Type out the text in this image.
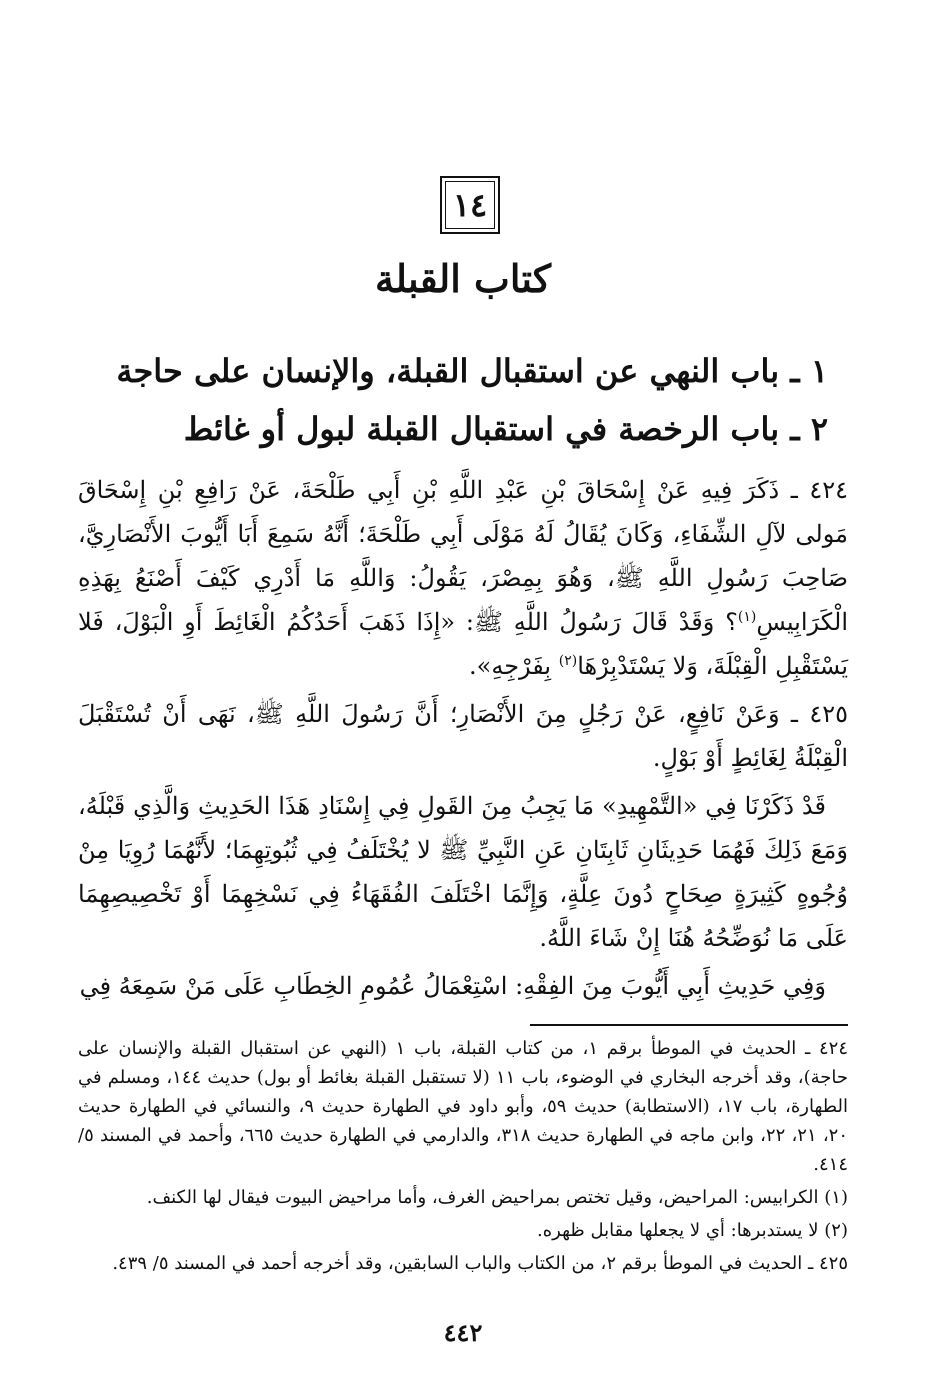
١٤
كتاب القبلة
١ ـ باب النهي عن استقبال القبلة، والإنسان على حاجة
٢ ـ باب الرخصة في استقبال القبلة لبول أو غائط

٤٢٤ ـ ذَكَرَ فِيهِ عَنْ إِسْحَاقَ بْنِ عَبْدِ اللَّهِ بْنِ أَبِي طَلْحَةَ، عَنْ رَافِعِ بْنِ إِسْحَاقَ مَولى لآلِ الشِّفَاءِ، وَكَانَ يُقَالُ لَهُ مَوْلَى أَبِي طَلْحَةَ؛ أَنَّهُ سَمِعَ أَبَا أَيُّوبَ الأَنْصَارِيَّ، صَاحِبَ رَسُولِ اللَّهِ ﷺ، وَهُوَ بِمِصْرَ، يَقُولُ: وَاللَّهِ مَا أَدْرِي كَيْفَ أَصْنَعُ بِهَذِهِ الْكَرَابِيسِ$^{(١)}$؟ وَقَدْ قَالَ رَسُولُ اللَّهِ ﷺ: «إِذَا ذَهَبَ أَحَدُكُمُ الْغَائِطَ أَوِ الْبَوْلَ، فَلا يَسْتَقْبِلِ الْقِبْلَةَ، وَلا يَسْتَدْبِرْهَا$^{(٢)}$ بِفَرْجِهِ».

٤٢٥ ـ وَعَنْ نَافِعٍ، عَنْ رَجُلٍ مِنَ الأَنْصَارِ؛ أَنَّ رَسُولَ اللَّهِ ﷺ، نَهَى أَنْ تُسْتَقْبَلَ الْقِبْلَةُ لِغَائِطٍ أَوْ بَوْلٍ.

قَدْ ذَكَرْنَا فِي «التَّمْهِيدِ» مَا يَجِبُ مِنَ القَولِ فِي إِسْنَادِ هَذَا الحَدِيثِ وَالَّذِي قَبْلَهُ، وَمَعَ ذَلِكَ فَهُمَا حَدِيثَانِ ثَابِتَانِ عَنِ النَّبِيِّ ﷺ لا يُخْتَلَفُ فِي ثُبُوتِهِمَا؛ لأَنَّهُمَا رُوِيَا مِنْ وُجُوهٍ كَثِيرَةٍ صِحَاحٍ دُونَ عِلَّةٍ، وَإِنَّمَا اخْتَلَفَ الفُقَهَاءُ فِي نَسْخِهِمَا أَوْ تَخْصِيصِهِمَا عَلَى مَا نُوَضِّحُهُ هُنَا إِنْ شَاءَ اللَّهُ.

وَفِي حَدِيثِ أَبِي أَيُّوبَ مِنَ الفِقْهِ: اسْتِعْمَالُ عُمُومِ الخِطَابِ عَلَى مَنْ سَمِعَهُ فِي

٤٢٤ ـ الحديث في الموطأ برقم ١، من كتاب القبلة، باب ١ (النهي عن استقبال القبلة والإنسان على حاجة)، وقد أخرجه البخاري في الوضوء، باب ١١ (لا تستقبل القبلة بغائط أو بول) حديث ١٤٤، ومسلم في الطهارة، باب ١٧، (الاستطابة) حديث ٥٩، وأبو داود في الطهارة حديث ٩، والنسائي في الطهارة حديث ٢٠، ٢١، ٢٢، وابن ماجه في الطهارة حديث ٣١٨، والدارمي في الطهارة حديث ٦٦٥، وأحمد في المسند ٥/ ٤١٤.

(١) الكرابيس: المراحيض، وقيل تختص بمراحيض الغرف، وأما مراحيض البيوت فيقال لها الكنف.

(٢) لا يستدبرها: أي لا يجعلها مقابل ظهره.

٤٢٥ ـ الحديث في الموطأ برقم ٢، من الكتاب والباب السابقين، وقد أخرجه أحمد في المسند ٥/ ٤٣٩.

٤٤٢
